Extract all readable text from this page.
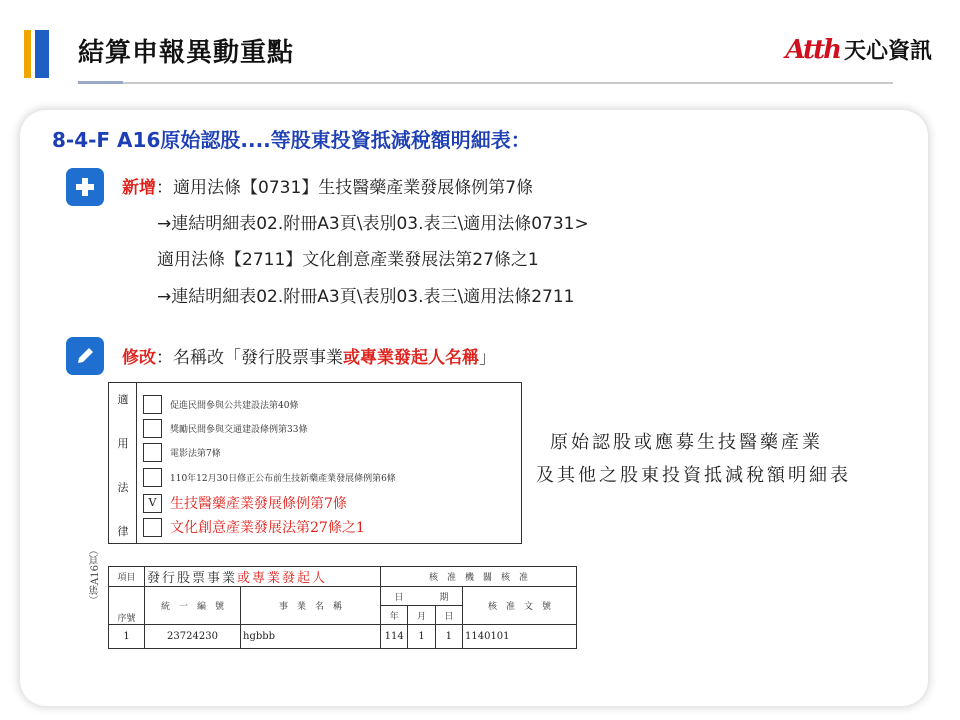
結算申報異動重點	Atth 天心資訊
8-4-F A16原始認股....等股東投資抵減稅額明細表：
新增：適用法條【0731】生技醫藥產業發展條例第7條
→連結明細表02.附冊A3頁\表別03.表三\適用法條0731>
適用法條【2711】文化創意產業發展法第27條之1
→連結明細表02.附冊A3頁\表別03.表三\適用法條2711
修改：名稱改「發行股票事業或專業發起人名稱」
適
用
法
律
促進民間參與公共建設法第40條
獎勵民間參與交通建設條例第33條
電影法第7條
110年12月30日修正公布前生技新藥產業發展條例第6條
V 生技醫藥產業發展條例第7條
文化創意產業發展法第27條之1
（第A16頁）
原始認股或應募生技醫藥產業
及其他之股東投資抵減稅額明細表
項目	發行股票事業或專業發起人		核　准　機　關　核　准			
序號	統　一　編　號	事　業　名　稱	日　　　　期			核　准　文　號
			年	月	日	
1	23724230	hgbbb	114	1	1	1140101
